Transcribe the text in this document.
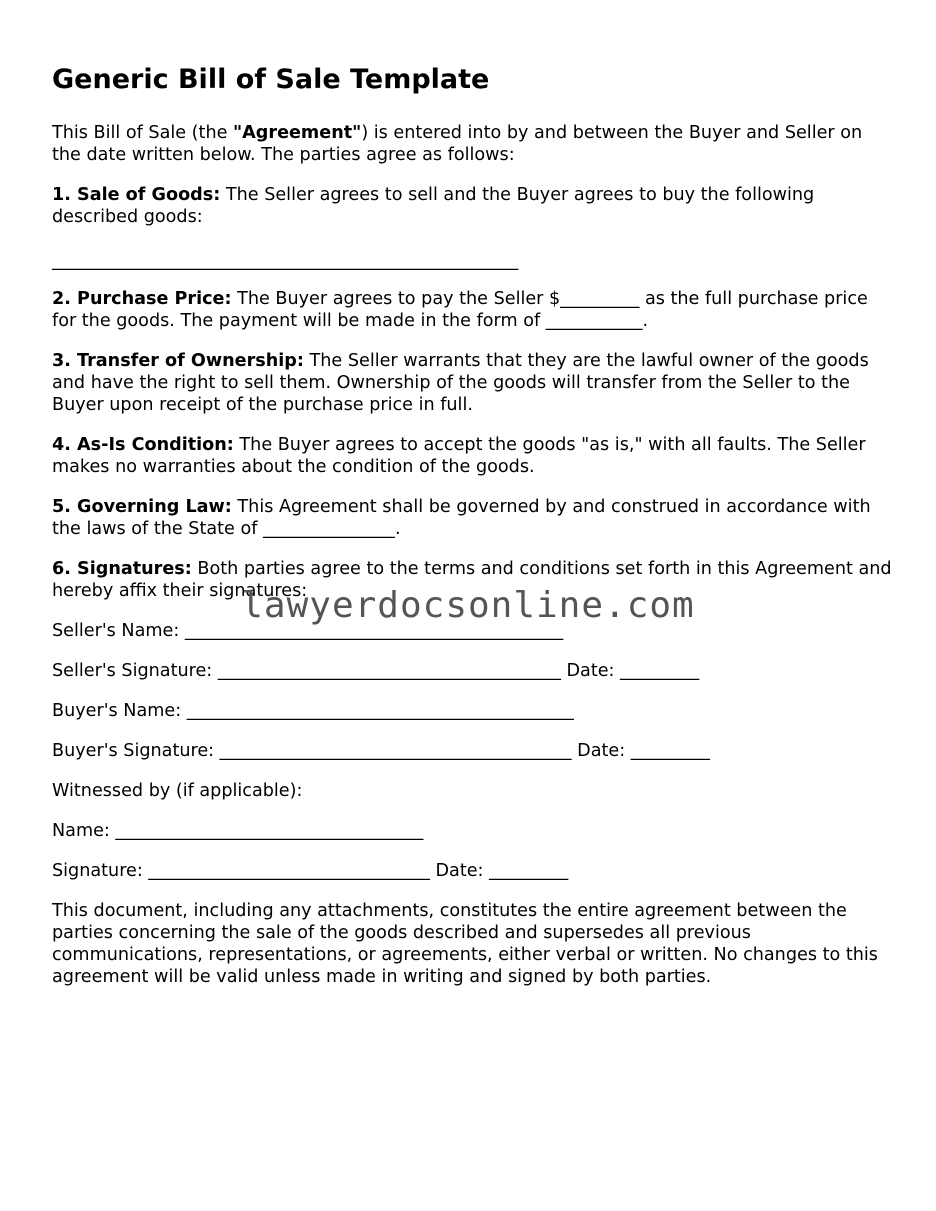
Generic Bill of Sale Template

This Bill of Sale (the "Agreement") is entered into by and between the Buyer and Seller on the date written below. The parties agree as follows:

1. Sale of Goods: The Seller agrees to sell and the Buyer agrees to buy the following described goods:

_____________________________________________________

2. Purchase Price: The Buyer agrees to pay the Seller $_________ as the full purchase price for the goods. The payment will be made in the form of ___________.

3. Transfer of Ownership: The Seller warrants that they are the lawful owner of the goods and have the right to sell them. Ownership of the goods will transfer from the Seller to the Buyer upon receipt of the purchase price in full.

4. As-Is Condition: The Buyer agrees to accept the goods "as is," with all faults. The Seller makes no warranties about the condition of the goods.

5. Governing Law: This Agreement shall be governed by and construed in accordance with the laws of the State of _______________.

6. Signatures: Both parties agree to the terms and conditions set forth in this Agreement and hereby affix their signatures:

Seller's Name: ___________________________________________
Seller's Signature: _______________________________________ Date: _________
Buyer's Name: ____________________________________________
Buyer's Signature: ________________________________________ Date: _________
Witnessed by (if applicable):
Name: ___________________________________
Signature: ________________________________ Date: _________

This document, including any attachments, constitutes the entire agreement between the parties concerning the sale of the goods described and supersedes all previous communications, representations, or agreements, either verbal or written. No changes to this agreement will be valid unless made in writing and signed by both parties.

lawyerdocsonline.com
